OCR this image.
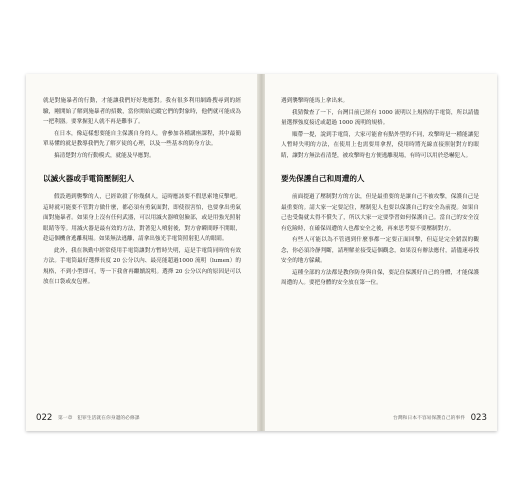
就是對施暴者的行動，才能讓我們好好地應對。我有很多利用網路搜尋到的經驗，剛開始了解到施暴者的招數，當你開始追蹤它們的對象時，他們就可能成為一把利器。要掌握犯人就不再是難事了。

在日本，像這樣想要能自主保護自身的人，會參加各種講座課程，其中最簡單易懂的就是教導我們先了解歹徒的心理，以及一些基本的防身方法。

搞清楚對方的行動模式，就能及早應對。

以滅火器或手電筒壓制犯人

假設遇到襲擊的人，已經欲殺了你幾個人，這時應該要不假思索地反擊吧。這時就可能要不管對方做什麼，都必須有勇氣面對，即使很害怕，也要拿出勇氣面對施暴者。如果身上沒有任何武器，可以用滅火器噴射臉部，或是用強光照射眼睛等等。用滅火器是最有效的方法，對著犯人噴射後，對方會瞬間睜不開眼，趁這個機會逃離現場。如果無法逃離，請拿出強光手電筒照射犯人的眼睛。

此外，我在執勤中經常使用手電筒讓對方暫時失明，這是手電筒同時的有效方法。手電筒最好選擇長度 20 公分以內、最亮能超過1000 流明（lumen）的規格，不到小型即可，等一下我會再繼續說明。選擇 20 公分以內的原因是可以放在口袋或皮包裡。

022 第一章　犯罪生活就在你身邊的必修課

遇到襲擊時能馬上拿出來。

我猜微查了一下，台灣目前已經有 1000 流明以上規格的手電筒，所以請儘量選擇強度接近或超過 1000 流明的規格。

順帶一提，說到手電筒，大家可能會有點外型的不同，攻擊時是一種能讓犯人暫時失明的方法，在使用上也需要用拿捏，使用時將光線直接照射對方的眼睛，讓對方無法看清楚，被攻擊時也方便逃離現場，有時可以用於恐嚇犯人。

要先保護自己和周遭的人

前面提過了壓制對方的方法，但是最重要的是讓自己不被攻擊，保護自己是最重要的。請大家一定要記住，壓制犯人也要以保護自己的安全為前提。如果自己也受傷就太得不償失了，所以大家一定要學習如何保護自己。當自己的安全沒有危險時，在確保周遭的人也都安全之後，再來思考要不要壓制對方。

有些人可能以為不管遇到什麼事都一定要正面回擊，但這是完全錯誤的觀念，你必須冷靜判斷，請理解並接受這個觀念，如果沒有辦法應付，請儘速尋找安全的地方躲藏。

這種全部的方法都是教你防身與自保，要記住保護好自己的身體，才能保護周遭的人。要把身體的安全放在第一位。

台灣和日本不容易保護自己的事件 023
